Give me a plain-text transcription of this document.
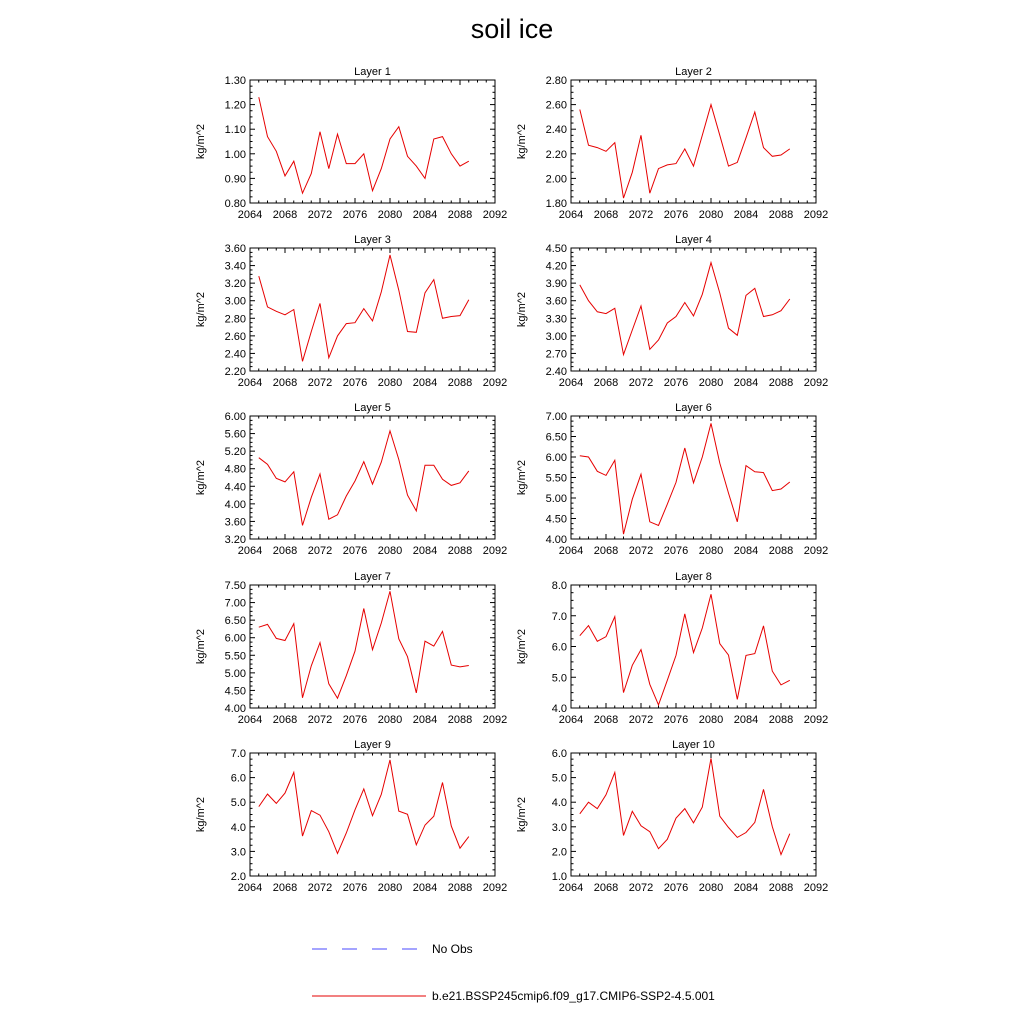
soil ice
Layer 1
kg/m^2
2064 2068 2072 2076 2080 2084 2088 2092
0.80
0.90
1.00
1.10
1.20
1.30
Layer 2
kg/m^2
2064 2068 2072 2076 2080 2084 2088 2092
1.80
2.00
2.20
2.40
2.60
2.80
Layer 3
kg/m^2
2064 2068 2072 2076 2080 2084 2088 2092
2.20
2.40
2.60
2.80
3.00
3.20
3.40
3.60
Layer 4
kg/m^2
2064 2068 2072 2076 2080 2084 2088 2092
2.40
2.70
3.00
3.30
3.60
3.90
4.20
4.50
Layer 5
kg/m^2
2064 2068 2072 2076 2080 2084 2088 2092
3.20
3.60
4.00
4.40
4.80
5.20
5.60
6.00
Layer 6
kg/m^2
2064 2068 2072 2076 2080 2084 2088 2092
4.00
4.50
5.00
5.50
6.00
6.50
7.00
Layer 7
kg/m^2
2064 2068 2072 2076 2080 2084 2088 2092
4.00
4.50
5.00
5.50
6.00
6.50
7.00
7.50
Layer 8
kg/m^2
2064 2068 2072 2076 2080 2084 2088 2092
4.0
5.0
6.0
7.0
8.0
Layer 9
kg/m^2
2064 2068 2072 2076 2080 2084 2088 2092
2.0
3.0
4.0
5.0
6.0
7.0
Layer 10
kg/m^2
2064 2068 2072 2076 2080 2084 2088 2092
1.0
2.0
3.0
4.0
5.0
6.0
No Obs
b.e21.BSSP245cmip6.f09_g17.CMIP6-SSP2-4.5.001
